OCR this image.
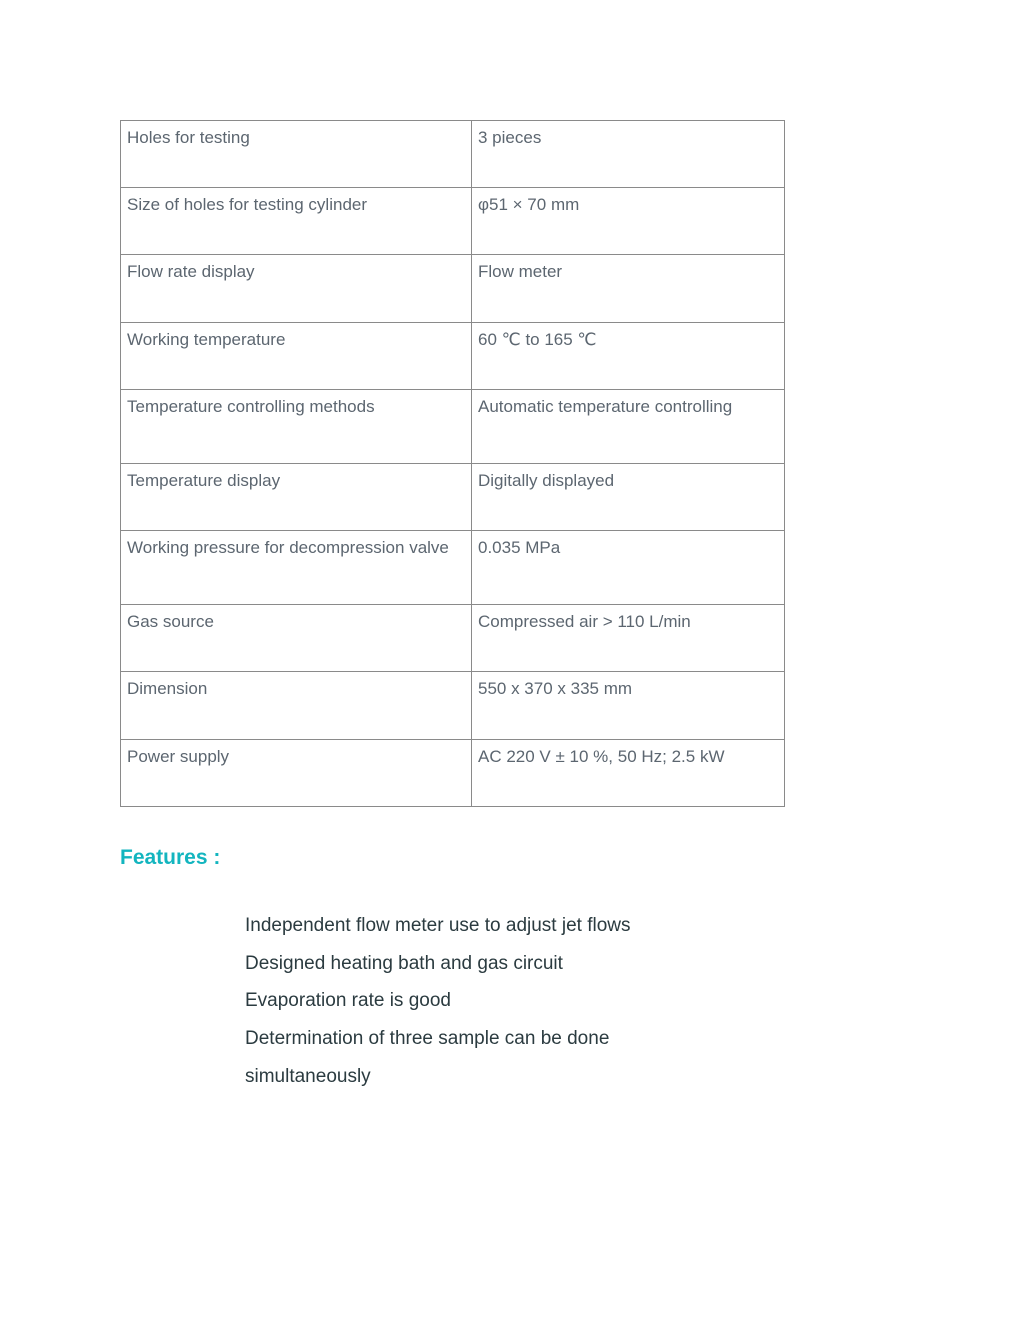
Holes for testing	3 pieces
Size of holes for testing cylinder	φ51 × 70 mm
Flow rate display	Flow meter
Working temperature	60 ℃ to 165 ℃
Temperature controlling methods	Automatic temperature controlling
Temperature display	Digitally displayed
Working pressure for decompression valve	0.035 MPa
Gas source	Compressed air > 110 L/min
Dimension	550 x 370 x 335 mm
Power supply	AC 220 V ± 10 %, 50 Hz; 2.5 kW
Features :
Independent flow meter use to adjust jet flows
Designed heating bath and gas circuit
Evaporation rate is good
Determination of three sample can be done simultaneously
